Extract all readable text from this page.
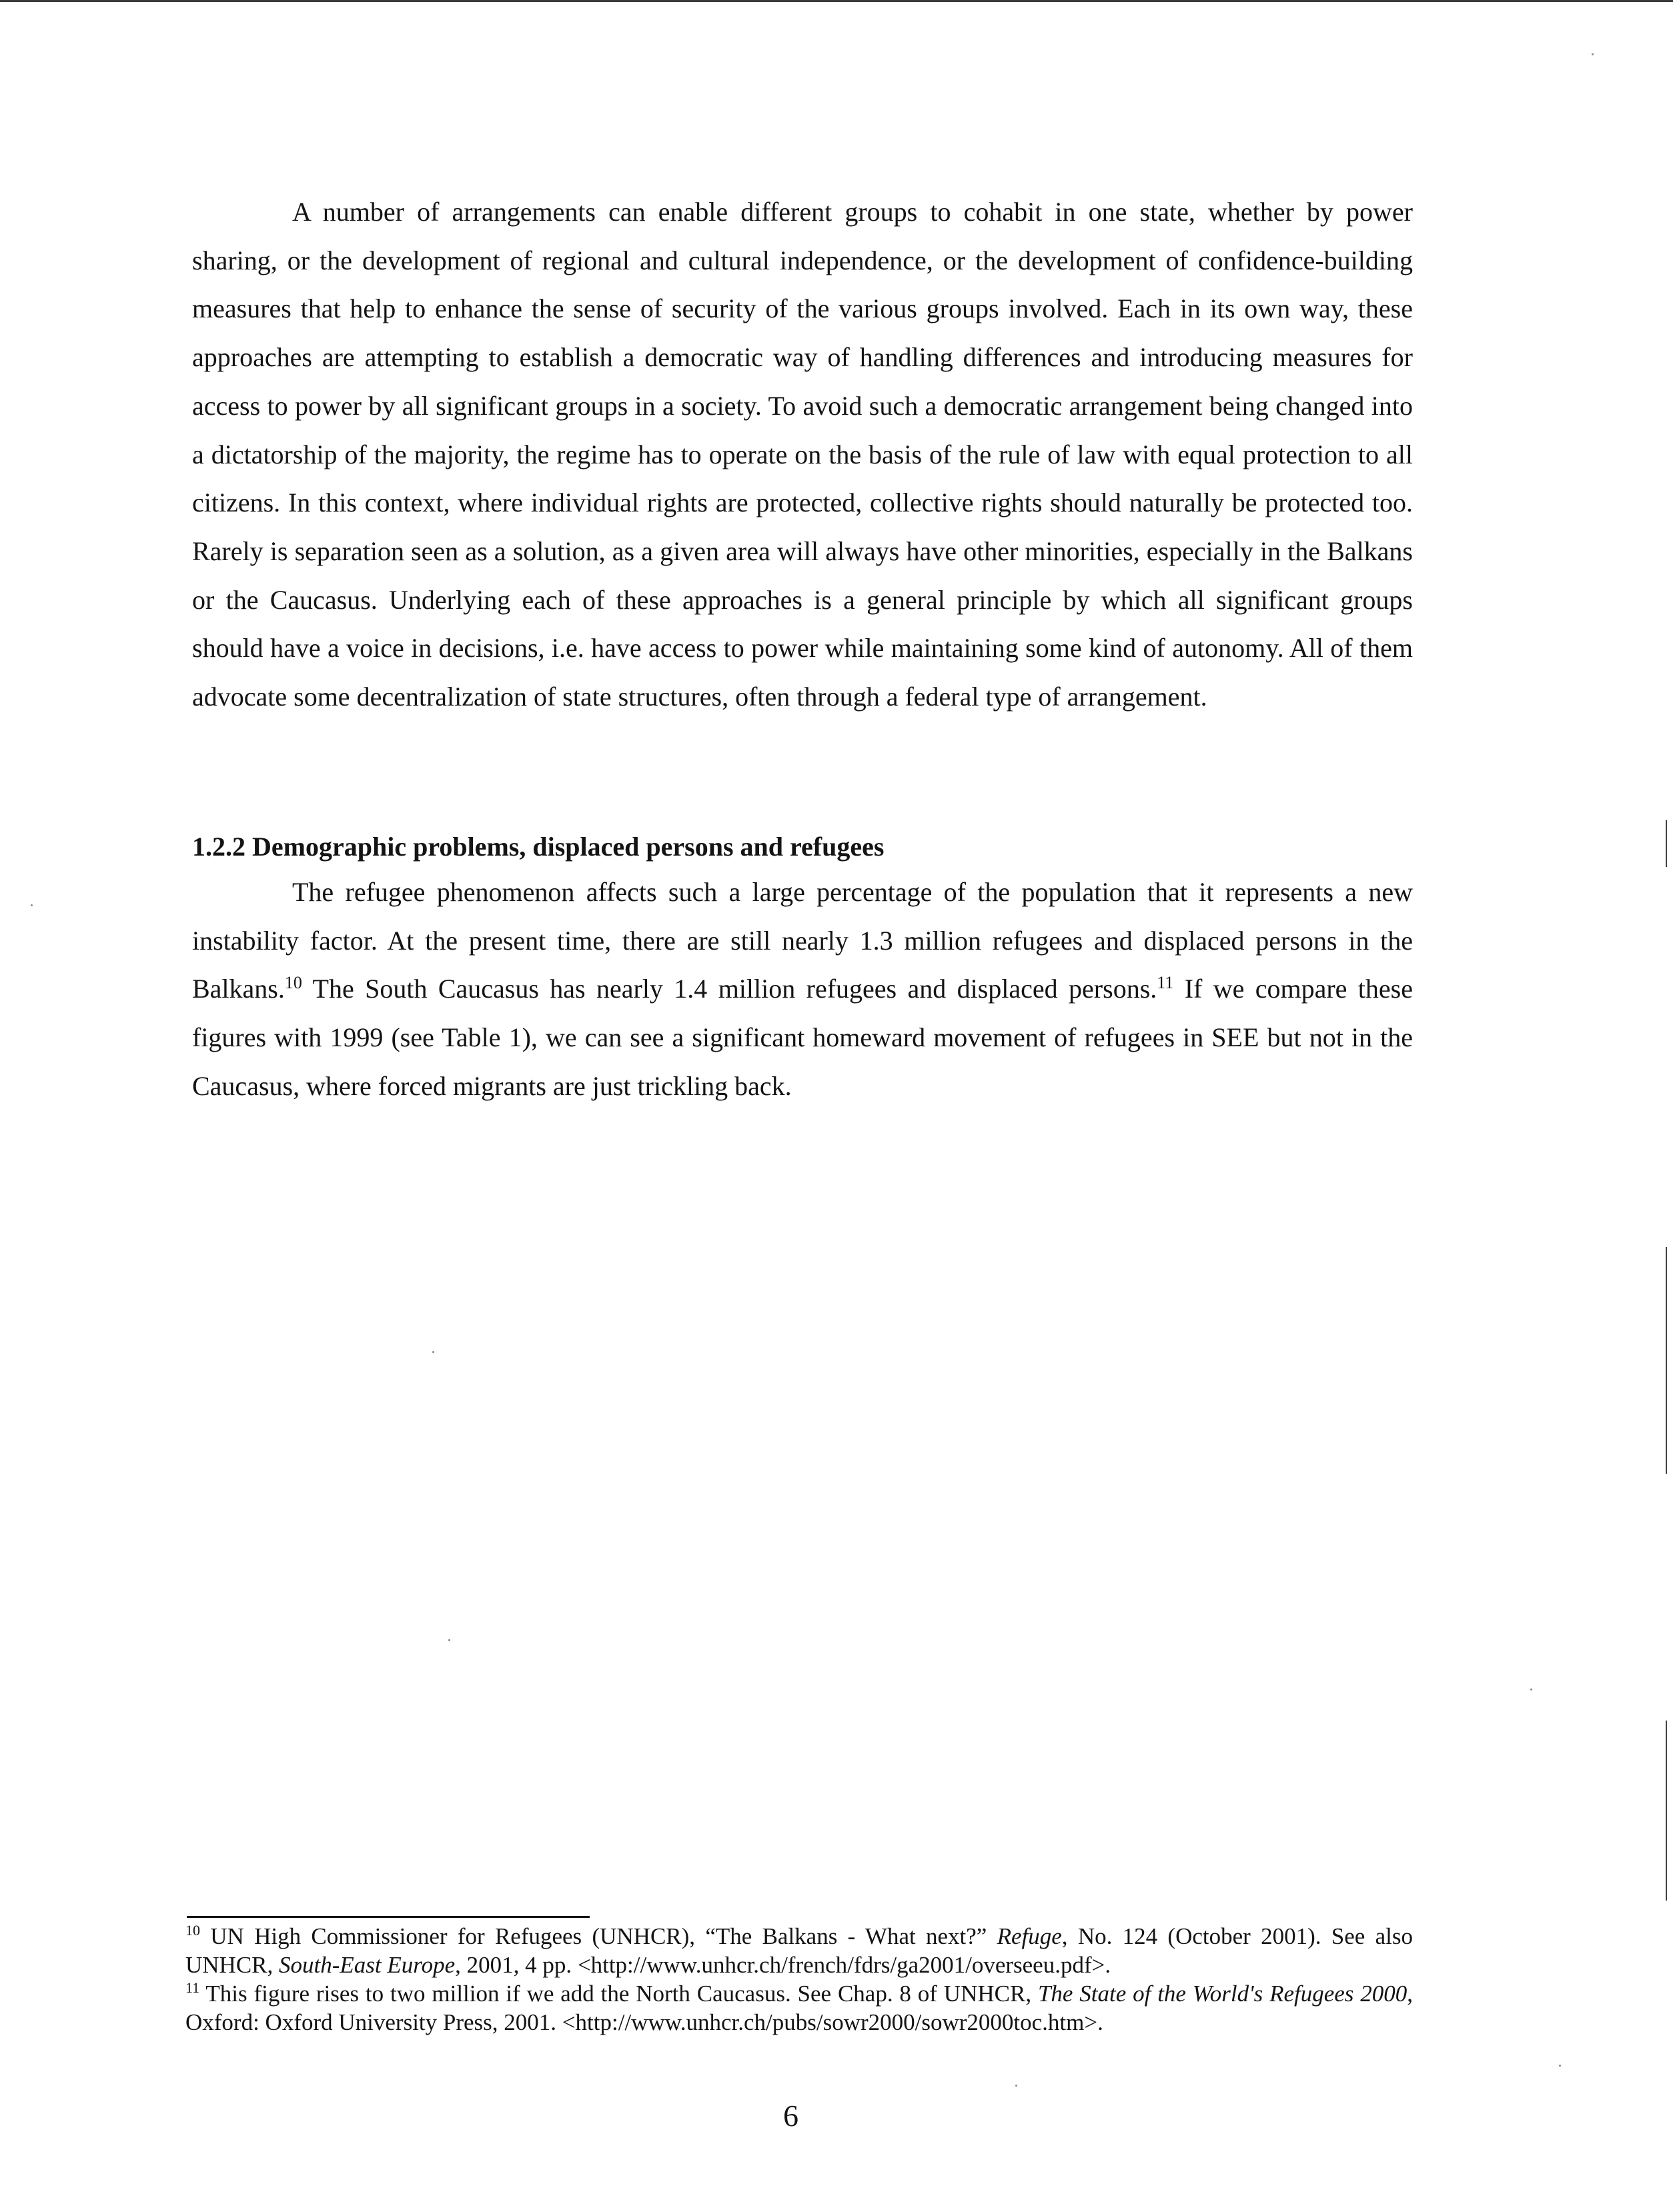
A number of arrangements can enable different groups to cohabit in one state, whether by power sharing, or the development of regional and cultural independence, or the development of confidence-building measures that help to enhance the sense of security of the various groups involved. Each in its own way, these approaches are attempting to establish a democratic way of handling differences and introducing measures for access to power by all significant groups in a society. To avoid such a democratic arrangement being changed into a dictatorship of the majority, the regime has to operate on the basis of the rule of law with equal protection to all citizens. In this context, where individual rights are protected, collective rights should naturally be protected too. Rarely is separation seen as a solution, as a given area will always have other minorities, especially in the Balkans or the Caucasus. Underlying each of these approaches is a general principle by which all significant groups should have a voice in decisions, i.e. have access to power while maintaining some kind of autonomy. All of them advocate some decentralization of state structures, often through a federal type of arrangement.

1.2.2 Demographic problems, displaced persons and refugees

The refugee phenomenon affects such a large percentage of the population that it represents a new instability factor. At the present time, there are still nearly 1.3 million refugees and displaced persons in the Balkans.$^{10}$ The South Caucasus has nearly 1.4 million refugees and displaced persons.$^{11}$ If we compare these figures with 1999 (see Table 1), we can see a significant homeward movement of refugees in SEE but not in the Caucasus, where forced migrants are just trickling back.

$^{10}$ UN High Commissioner for Refugees (UNHCR), “The Balkans - What next?” Refuge, No. 124 (October 2001). See also UNHCR, South-East Europe, 2001, 4 pp. <http://www.unhcr.ch/french/fdrs/ga2001/overseeu.pdf>.

$^{11}$ This figure rises to two million if we add the North Caucasus. See Chap. 8 of UNHCR, The State of the World's Refugees 2000, Oxford: Oxford University Press, 2001. <http://www.unhcr.ch/pubs/sowr2000/sowr2000toc.htm>.

6
